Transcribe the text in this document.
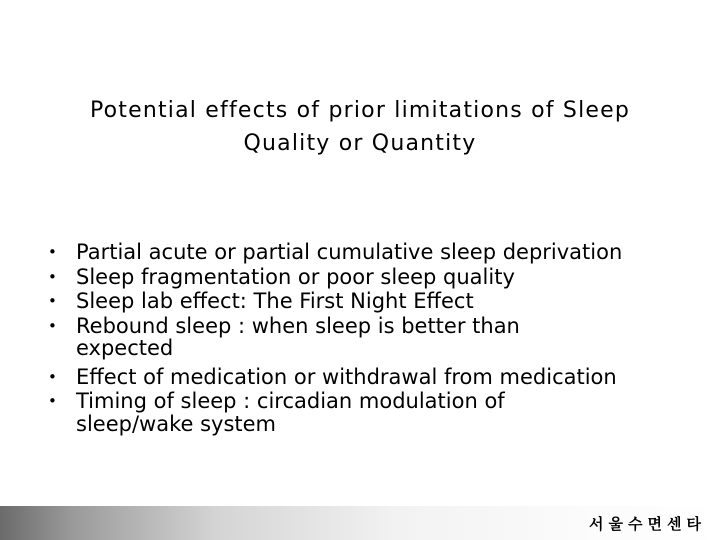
Potential effects of prior limitations of Sleep
Quality or Quantity
• Partial acute or partial cumulative sleep deprivation
• Sleep fragmentation or poor sleep quality
• Sleep lab effect: The First Night Effect
• Rebound sleep : when sleep is better than expected
• Effect of medication or withdrawal from medication
• Timing of sleep : circadian modulation of sleep/wake system
서울수면센타
